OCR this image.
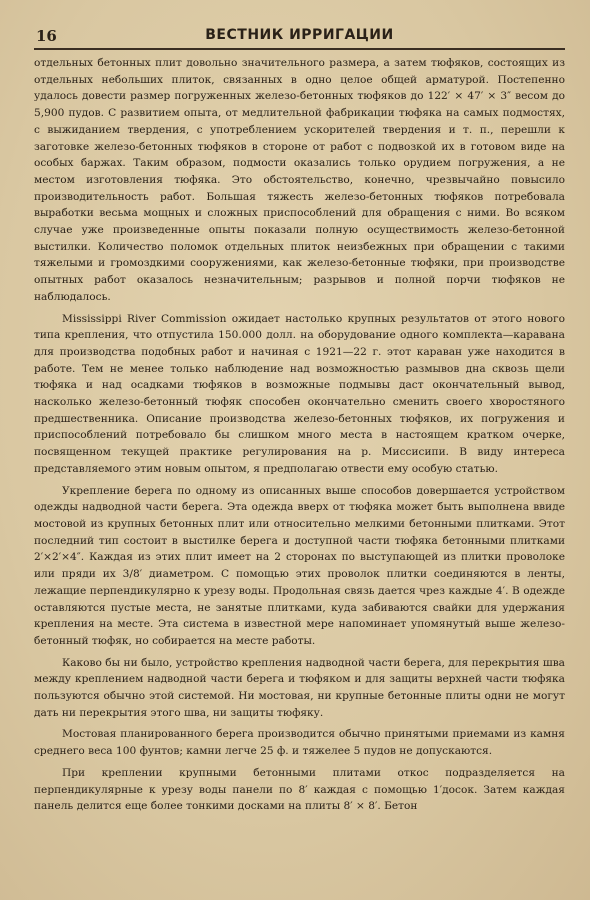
16	ВЕСТНИК ИРРИГАЦИИ

отдельных бетонных плит довольно значительного размера, а затем тюфяков, состоящих из отдельных небольших плиток, связанных в одно целое общей арматурой. Постепенно удалось довести размер погруженных железо-бетонных тюфяков до 122′ × 47′ × 3″ весом до 5,900 пудов. С развитием опыта, от медлительной фабрикации тюфяка на самых подмостях, с выжиданием твердения, с употреблением ускорителей твердения и т. п., перешли к заготовке железо-бетонных тюфяков в стороне от работ с подвозкой их в готовом виде на особых баржах. Таким образом, подмости оказались только орудием погружения, а не местом изготовления тюфяка. Это обстоятельство, конечно, чрезвычайно повысило производительность работ. Большая тяжесть железо-бетонных тюфяков потребовала выработки весьма мощных и сложных приспособлений для обращения с ними. Во всяком случае уже произведенные опыты показали полную осуществимость железо-бетонной выстилки. Количество поломок отдельных плиток неизбежных при обращении с такими тяжелыми и громоздкими сооружениями, как железо-бетонные тюфяки, при производстве опытных работ оказалось незначительным; разрывов и полной порчи тюфяков не наблюдалось.

Mississippi River Commission ожидает настолько крупных результатов от этого нового типа крепления, что отпустила 150.000 долл. на оборудование одного комплекта—каравана для производства подобных работ и начиная с 1921—22 г. этот караван уже находится в работе. Тем не менее только наблюдение над возможностью размывов дна сквозь щели тюфяка и над осадками тюфяков в возможные подмывы даст окончательный вывод, насколько железо-бетонный тюфяк способен окончательно сменить своего хворостяного предшественника. Описание производства железо-бетонных тюфяков, их погружения и приспособлений потребовало бы слишком много места в настоящем кратком очерке, посвященном текущей практике регулирования на р. Миссисипи. В виду интереса представляемого этим новым опытом, я предполагаю отвести ему особую статью.

Укрепление берега по одному из описанных выше способов довершается устройством одежды надводной части берега. Эта одежда вверх от тюфяка может быть выполнена ввиде мостовой из крупных бетонных плит или относительно мелкими бетонными плитками. Этот последний тип состоит в выстилке берега и доступной части тюфяка бетонными плитками 2′×2′×4″. Каждая из этих плит имеет на 2 сторонах по выступающей из плитки проволоке или пряди их 3/8′ диаметром. С помощью этих проволок плитки соединяются в ленты, лежащие перпендикулярно к урезу воды. Продольная связь дается чрез каждые 4′. В одежде оставляются пустые места, не занятые плитками, куда забиваются свайки для удержания крепления на месте. Эта система в известной мере напоминает упомянутый выше железо-бетонный тюфяк, но собирается на месте работы.

Каково бы ни было, устройство крепления надводной части берега, для перекрытия шва между креплением надводной части берега и тюфяком и для защиты верхней части тюфяка пользуются обычно этой системой. Ни мостовая, ни крупные бетонные плиты одни не могут дать ни перекрытия этого шва, ни защиты тюфяку.

Мостовая планированного берега производится обычно принятыми приемами из камня среднего веса 100 фунтов; камни легче 25 ф. и тяжелее 5 пудов не допускаются.

При креплении крупными бетонными плитами откос подразделяется на перпендикулярные к урезу воды панели по 8′ каждая с помощью 1′досок. Затем каждая панель делится еще более тонкими досками на плиты 8′ × 8′. Бетон
